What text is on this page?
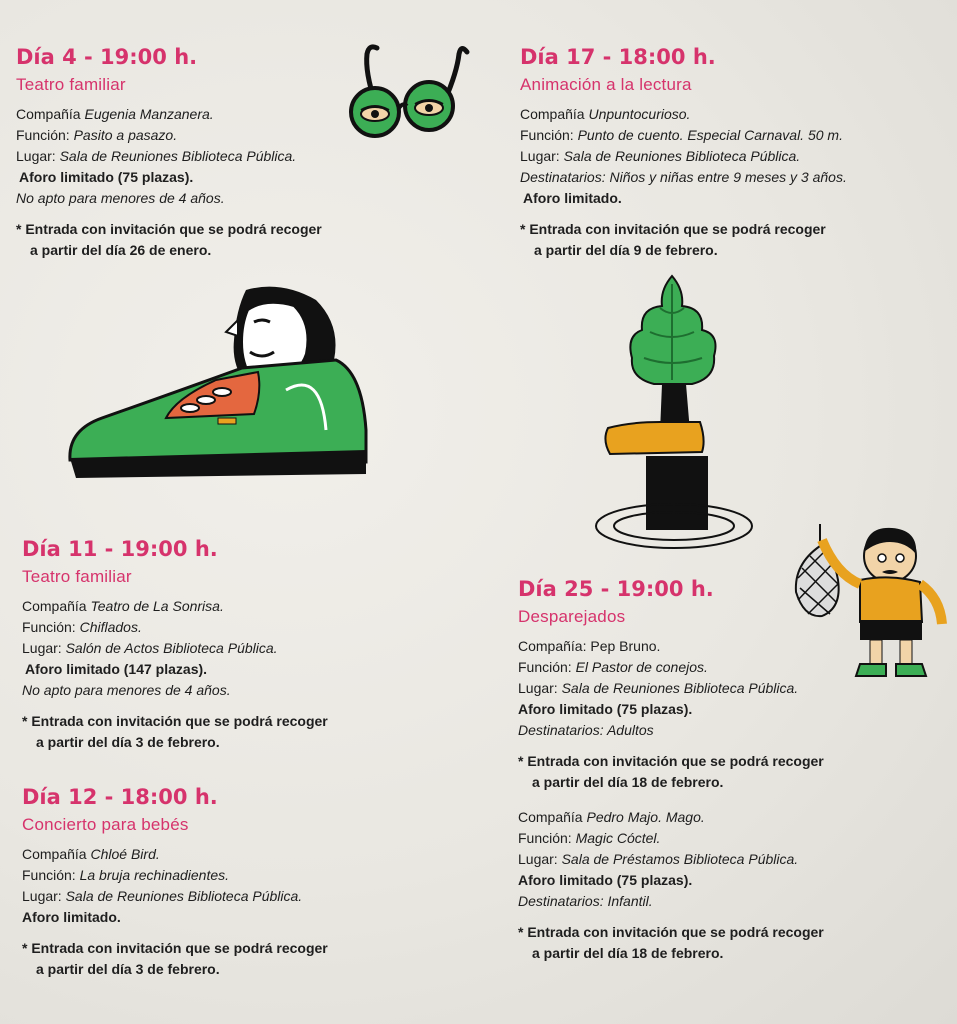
Día 4 - 19:00 h.
Teatro familiar
Compañía Eugenia Manzanera.
Función: Pasito a pasazo.
Lugar: Sala de Reuniones Biblioteca Pública.
Aforo limitado (75 plazas).
No apto para menores de 4 años.
* Entrada con invitación que se podrá recoger
a partir del día 26 de enero.
Día 11 - 19:00 h.
Teatro familiar
Compañía Teatro de La Sonrisa.
Función: Chiflados.
Lugar: Salón de Actos Biblioteca Pública.
Aforo limitado (147 plazas).
No apto para menores de 4 años.
* Entrada con invitación que se podrá recoger
a partir del día 3 de febrero.
Día 12 - 18:00 h.
Concierto para bebés
Compañía Chloé Bird.
Función: La bruja rechinadientes.
Lugar: Sala de Reuniones Biblioteca Pública.
Aforo limitado.
* Entrada con invitación que se podrá recoger
a partir del día 3 de febrero.
Día 17 - 18:00 h.
Animación a la lectura
Compañía Unpuntocurioso.
Función: Punto de cuento. Especial Carnaval. 50 m.
Lugar: Sala de Reuniones Biblioteca Pública.
Destinatarios: Niños y niñas entre 9 meses y 3 años.
Aforo limitado.
* Entrada con invitación que se podrá recoger
a partir del día 9 de febrero.
Día 25 - 19:00 h.
Desparejados
Compañía: Pep Bruno.
Función: El Pastor de conejos.
Lugar: Sala de Reuniones Biblioteca Pública.
Aforo limitado (75 plazas).
Destinatarios: Adultos
* Entrada con invitación que se podrá recoger
a partir del día 18 de febrero.
Compañía Pedro Majo. Mago.
Función: Magic Cóctel.
Lugar: Sala de Préstamos Biblioteca Pública.
Aforo limitado (75 plazas).
Destinatarios: Infantil.
* Entrada con invitación que se podrá recoger
a partir del día 18 de febrero.
